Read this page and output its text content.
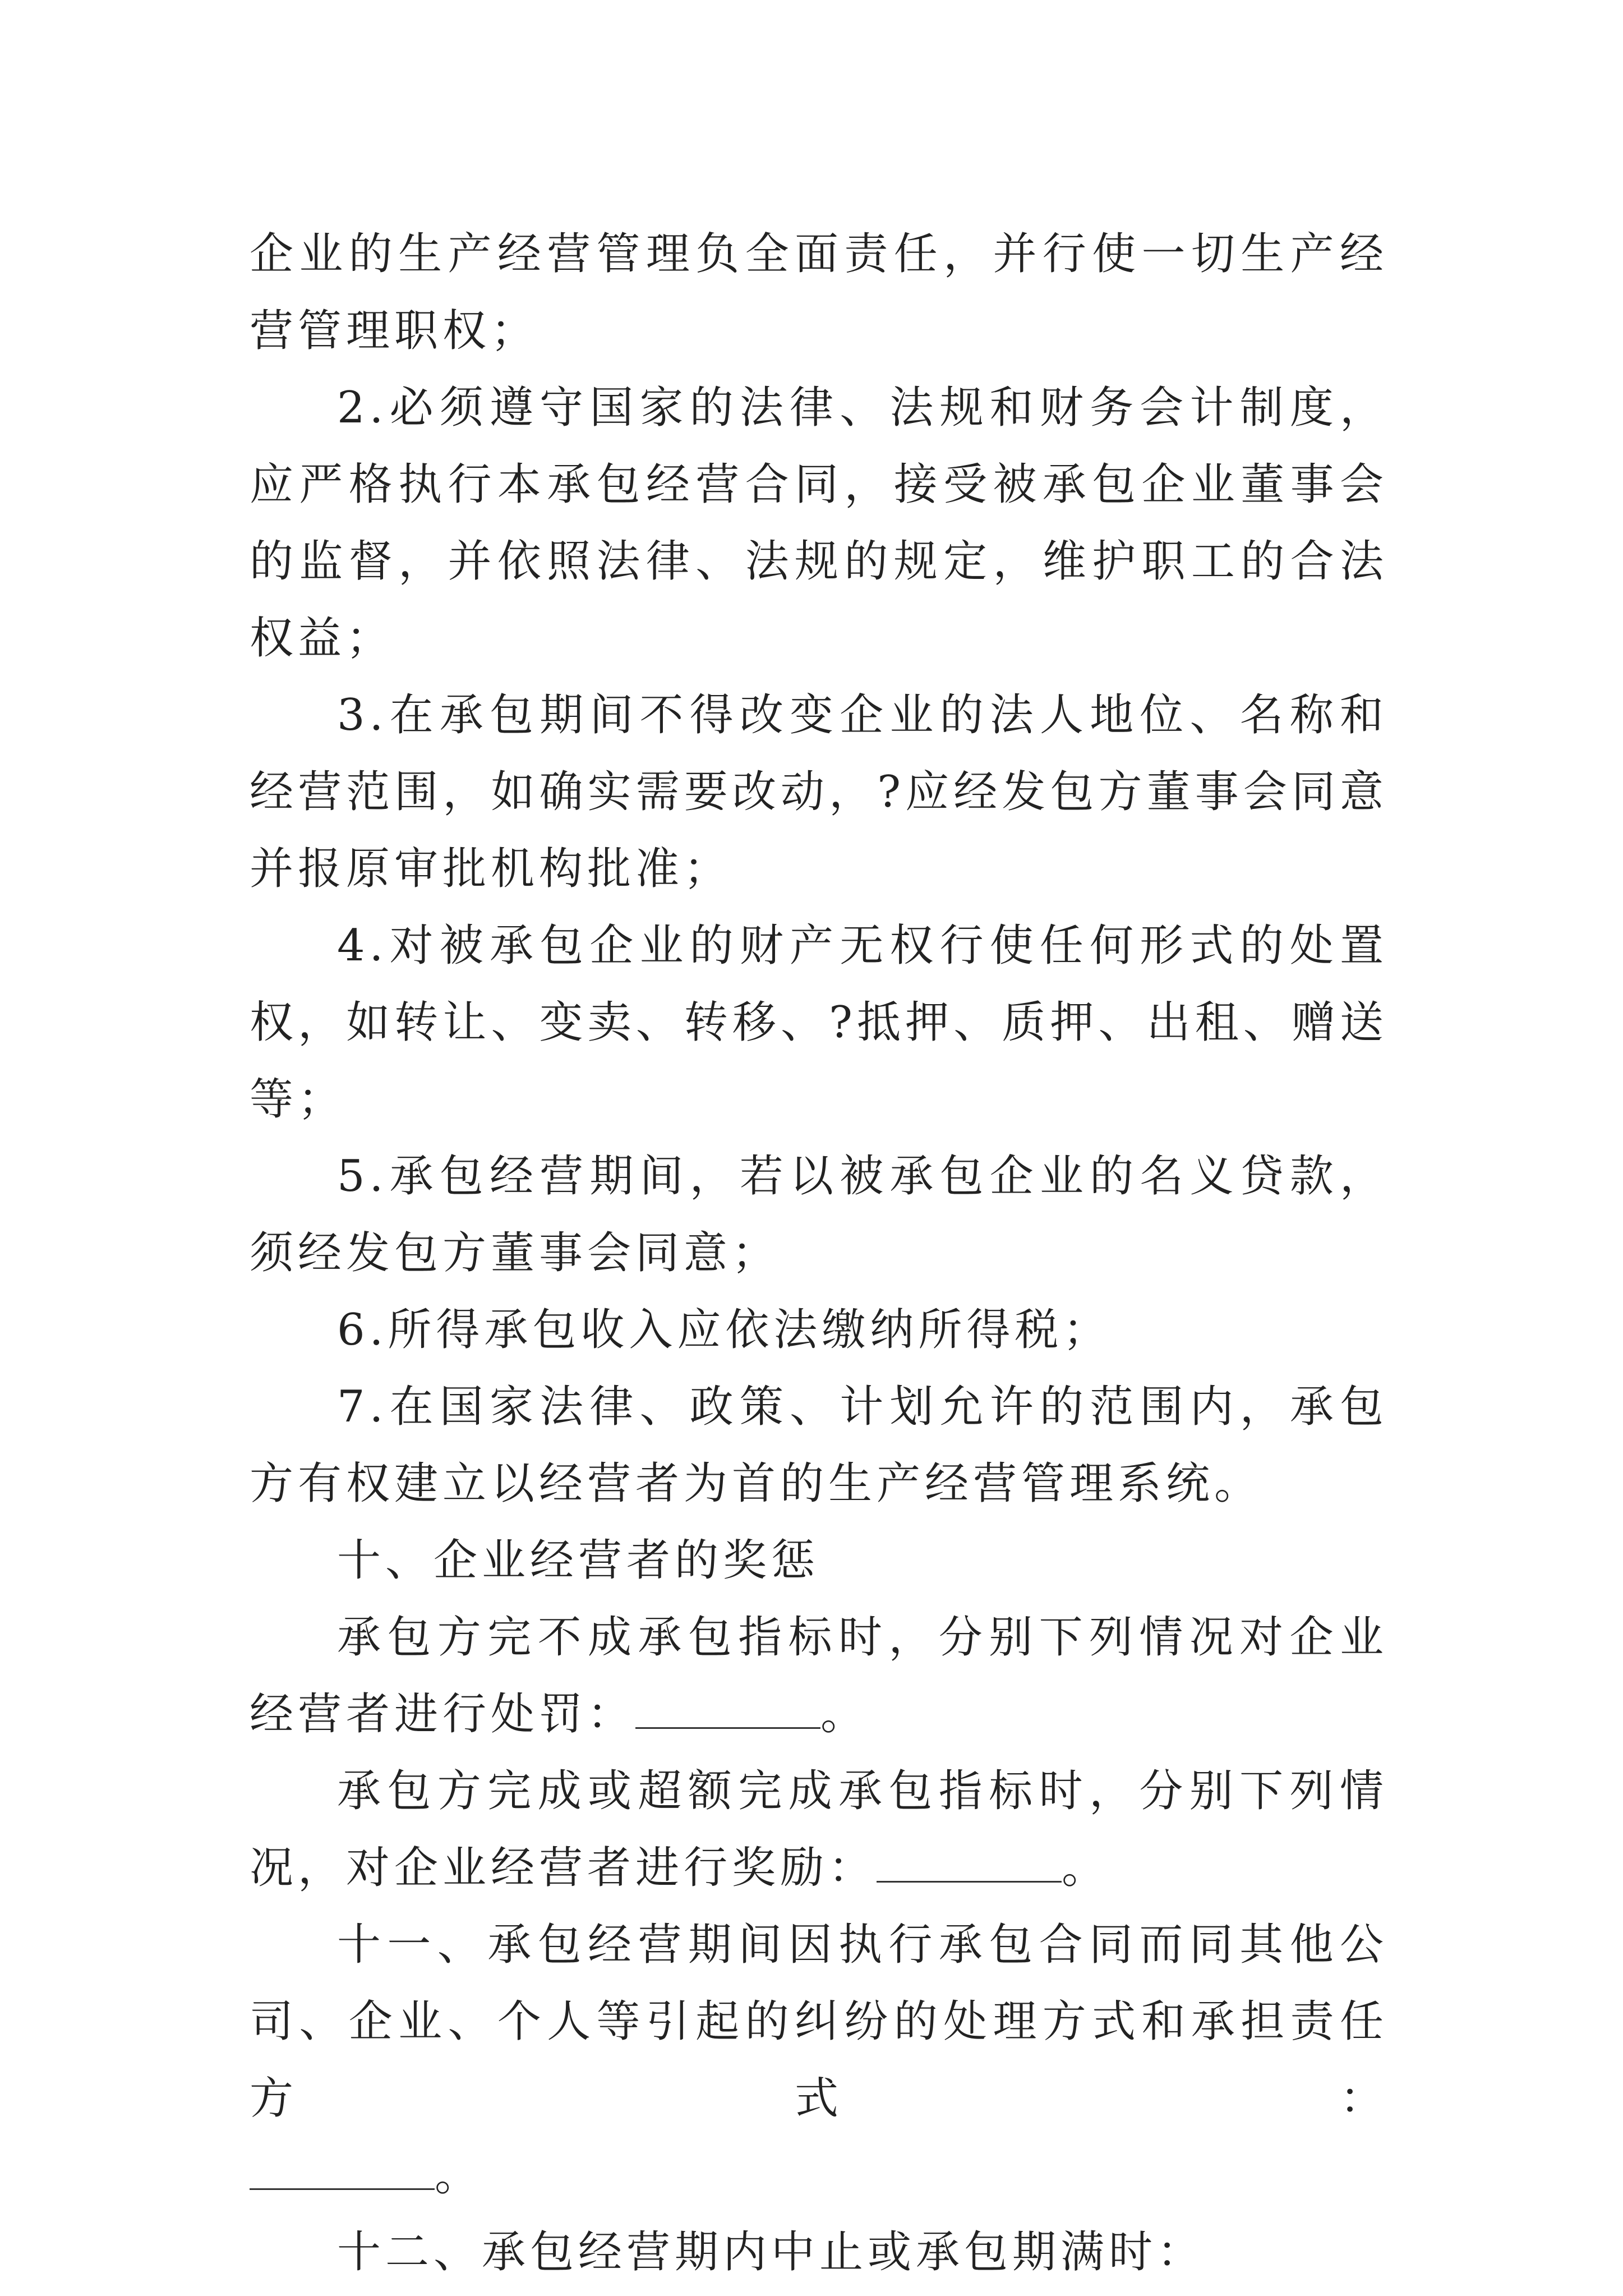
企业的生产经营管理负全面责任，并行使一切生产经营管理职权；

2.必须遵守国家的法律、法规和财务会计制度，应严格执行本承包经营合同，接受被承包企业董事会的监督，并依照法律、法规的规定，维护职工的合法权益；

3.在承包期间不得改变企业的法人地位、名称和经营范围，如确实需要改动，?应经发包方董事会同意并报原审批机构批准；

4.对被承包企业的财产无权行使任何形式的处置权，如转让、变卖、转移、?抵押、质押、出租、赠送等；

5.承包经营期间，若以被承包企业的名义贷款，须经发包方董事会同意；

6.所得承包收入应依法缴纳所得税；

7.在国家法律、政策、计划允许的范围内，承包方有权建立以经营者为首的生产经营管理系统。

十、企业经营者的奖惩

承包方完不成承包指标时，分别下列情况对企业经营者进行处罚：	。

承包方完成或超额完成承包指标时，分别下列情况，对企业经营者进行奖励：	。

十一、承包经营期间因执行承包合同而同其他公司、企业、个人等引起的纠纷的处理方式和承担责任方式：

。

十二、承包经营期内中止或承包期满时：
